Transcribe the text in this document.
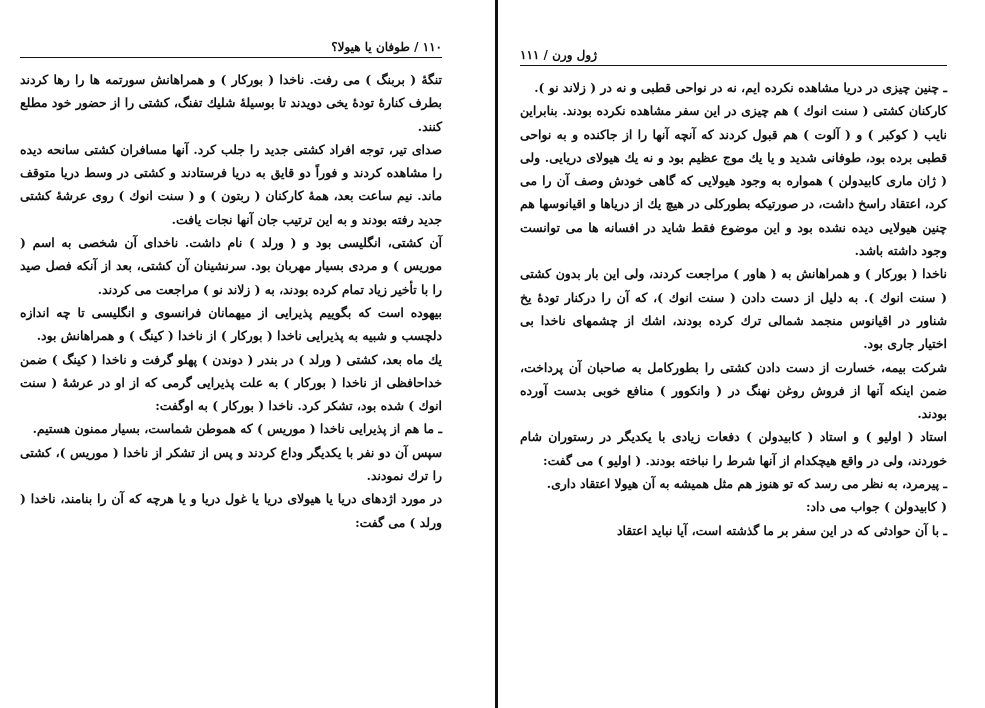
۱۱۰ / طوفان یا هیولا؟

تنگهٔ ( بربنگ ) می رفت. ناخدا ( بورکار ) و همراهانش سورتمه ها را رها کردند بطرف کنارهٔ تودهٔ یخی دویدند تا بوسیلهٔ شلیك تفنگ، کشتی را از حضور خود مطلع کنند.

صدای تیر، توجه افراد کشتی جدید را جلب کرد. آنها مسافران کشتی سانحه دیده را مشاهده کردند و فوراً دو قایق به دریا فرستادند و کشتی در وسط دریا متوقف ماند. نیم ساعت بعد، همهٔ کارکنان ( ربتون ) و ( سنت انوك ) روی عرشهٔ کشتی جدید رفته بودند و به این ترتیب جان آنها نجات یافت.

آن کشتی، انگلیسی بود و ( ورلد ) نام داشت. ناخدای آن شخصی به اسم ( موریس ) و مردی بسیار مهربان بود. سرنشینان آن کشتی، بعد از آنکه فصل صید را با تأخیر زیاد تمام کرده بودند، به ( زلاند نو ) مراجعت می کردند.

بیهوده است که بگوییم پذیرایی از میهمانان فرانسوی و انگلیسی تا چه اندازه دلچسب و شبیه به پذیرایی ناخدا ( بورکار ) از ناخدا ( کینگ ) و همراهانش بود.

یك ماه بعد، کشتی ( ورلد ) در بندر ( دوندن ) پهلو گرفت و ناخدا ( کینگ ) ضمن خداحافظی از ناخدا ( بورکار ) به علت پذیرایی گرمی که از او در عرشهٔ ( سنت انوك ) شده بود، تشکر کرد. ناخدا ( بورکار ) به اوگفت:

ـ ما هم از پذیرایی ناخدا ( موریس ) که هموطن شماست، بسیار ممنون هستیم.

سپس آن دو نفر با یکدیگر وداع کردند و پس از تشکر از ناخدا ( موریس )، کشتی را ترك نمودند.

در مورد اژدهای دریا یا هیولای دریا یا غول دریا و یا هرچه که آن را بنامند، ناخدا ( ورلد ) می گفت:

ژول ورن / ۱۱۱

ـ چنین چیزی در دریا مشاهده نکرده ایم، نه در نواحی قطبی و نه در ( زلاند نو ).

کارکنان کشتی ( سنت انوك ) هم چیزی در این سفر مشاهده نکرده بودند. بنابراین نایب ( کوکبر ) و ( آلوت ) هم قبول کردند که آنچه آنها را از جاکنده و به نواحی قطبی برده بود، طوفانی شدید و یا یك موج عظیم بود و نه یك هیولای دریایی. ولی ( ژان ماری کابیدولن ) همواره به وجود هیولایی که گاهی خودش وصف آن را می کرد، اعتقاد راسخ داشت، در صورتیکه بطورکلی در هیچ یك از دریاها و اقیانوسها هم چنین هیولایی دیده نشده بود و این موضوع فقط شاید در افسانه ها می توانست وجود داشته باشد.

ناخدا ( بورکار ) و همراهانش به ( هاور ) مراجعت کردند، ولی این بار بدون کشتی ( سنت انوك ). به دلیل از دست دادن ( سنت انوك )، که آن را درکنار تودهٔ یخ شناور در اقیانوس منجمد شمالی ترك کرده بودند، اشك از چشمهای ناخدا بی اختیار جاری بود.

شرکت بیمه، خسارت از دست دادن کشتی را بطورکامل به صاحبان آن پرداخت، ضمن اینکه آنها از فروش روغن نهنگ در ( وانکوور ) منافع خوبی بدست آورده بودند.

استاد ( اولیو ) و استاد ( کابیدولن ) دفعات زیادی با یکدیگر در رستوران شام خوردند، ولی در واقع هیچکدام از آنها شرط را نباخته بودند. ( اولیو ) می گفت:

ـ پیرمرد، به نظر می رسد که تو هنوز هم مثل همیشه به آن هیولا اعتقاد داری.

( کابیدولن ) جواب می داد:

ـ با آن حوادثی که در این سفر بر ما گذشته است، آیا نباید اعتقاد
